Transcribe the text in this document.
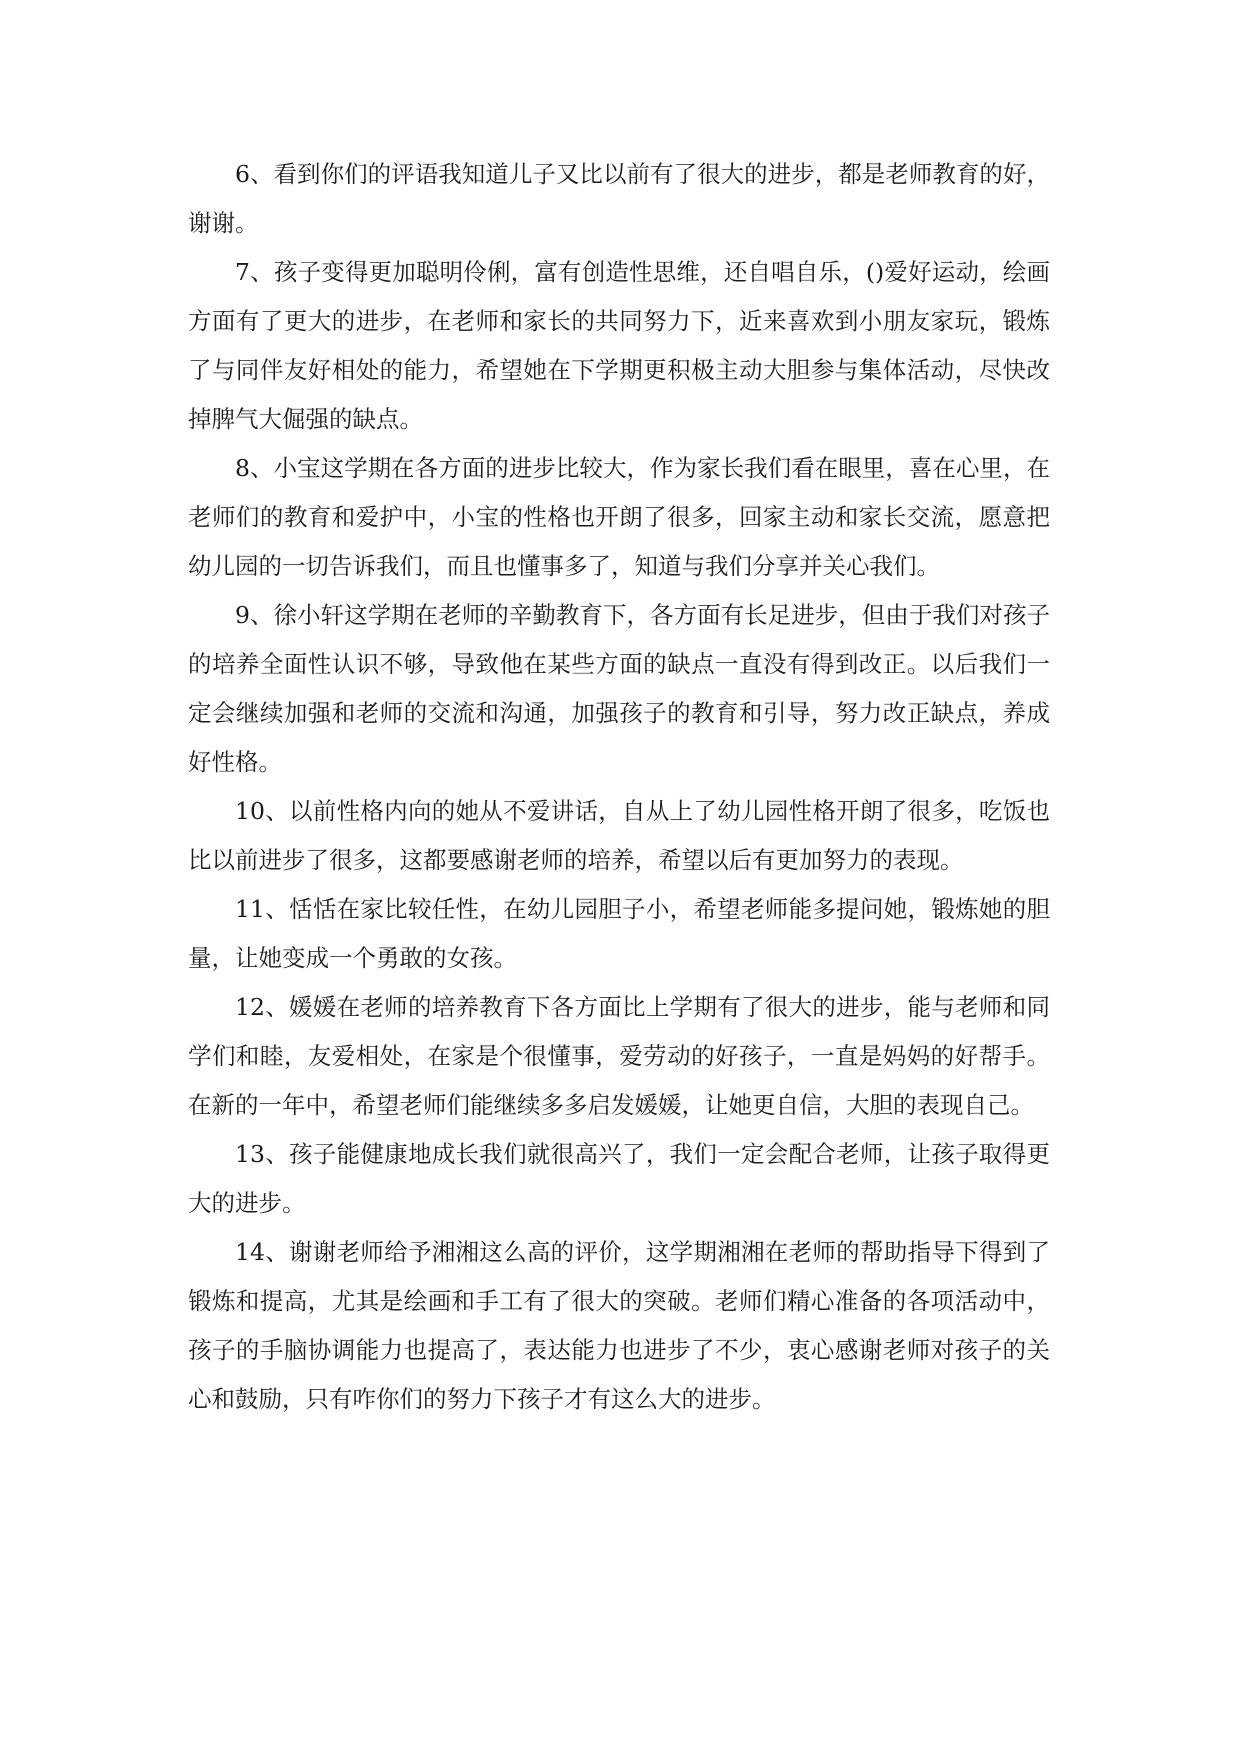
6、看到你们的评语我知道儿子又比以前有了很大的进步，都是老师教育的好，谢谢。

7、孩子变得更加聪明伶俐，富有创造性思维，还自唱自乐，()爱好运动，绘画方面有了更大的进步，在老师和家长的共同努力下，近来喜欢到小朋友家玩，锻炼了与同伴友好相处的能力，希望她在下学期更积极主动大胆参与集体活动，尽快改掉脾气大倔强的缺点。

8、小宝这学期在各方面的进步比较大，作为家长我们看在眼里，喜在心里，在老师们的教育和爱护中，小宝的性格也开朗了很多，回家主动和家长交流，愿意把幼儿园的一切告诉我们，而且也懂事多了，知道与我们分享并关心我们。

9、徐小轩这学期在老师的辛勤教育下，各方面有长足进步，但由于我们对孩子的培养全面性认识不够，导致他在某些方面的缺点一直没有得到改正。以后我们一定会继续加强和老师的交流和沟通，加强孩子的教育和引导，努力改正缺点，养成好性格。

10、以前性格内向的她从不爱讲话，自从上了幼儿园性格开朗了很多，吃饭也比以前进步了很多，这都要感谢老师的培养，希望以后有更加努力的表现。

11、恬恬在家比较任性，在幼儿园胆子小，希望老师能多提问她，锻炼她的胆量，让她变成一个勇敢的女孩。

12、媛媛在老师的培养教育下各方面比上学期有了很大的进步，能与老师和同学们和睦，友爱相处，在家是个很懂事，爱劳动的好孩子，一直是妈妈的好帮手。在新的一年中，希望老师们能继续多多启发媛媛，让她更自信，大胆的表现自己。

13、孩子能健康地成长我们就很高兴了，我们一定会配合老师，让孩子取得更大的进步。

14、谢谢老师给予湘湘这么高的评价，这学期湘湘在老师的帮助指导下得到了锻炼和提高，尤其是绘画和手工有了很大的突破。老师们精心准备的各项活动中，孩子的手脑协调能力也提高了，表达能力也进步了不少，衷心感谢老师对孩子的关心和鼓励，只有咋你们的努力下孩子才有这么大的进步。
